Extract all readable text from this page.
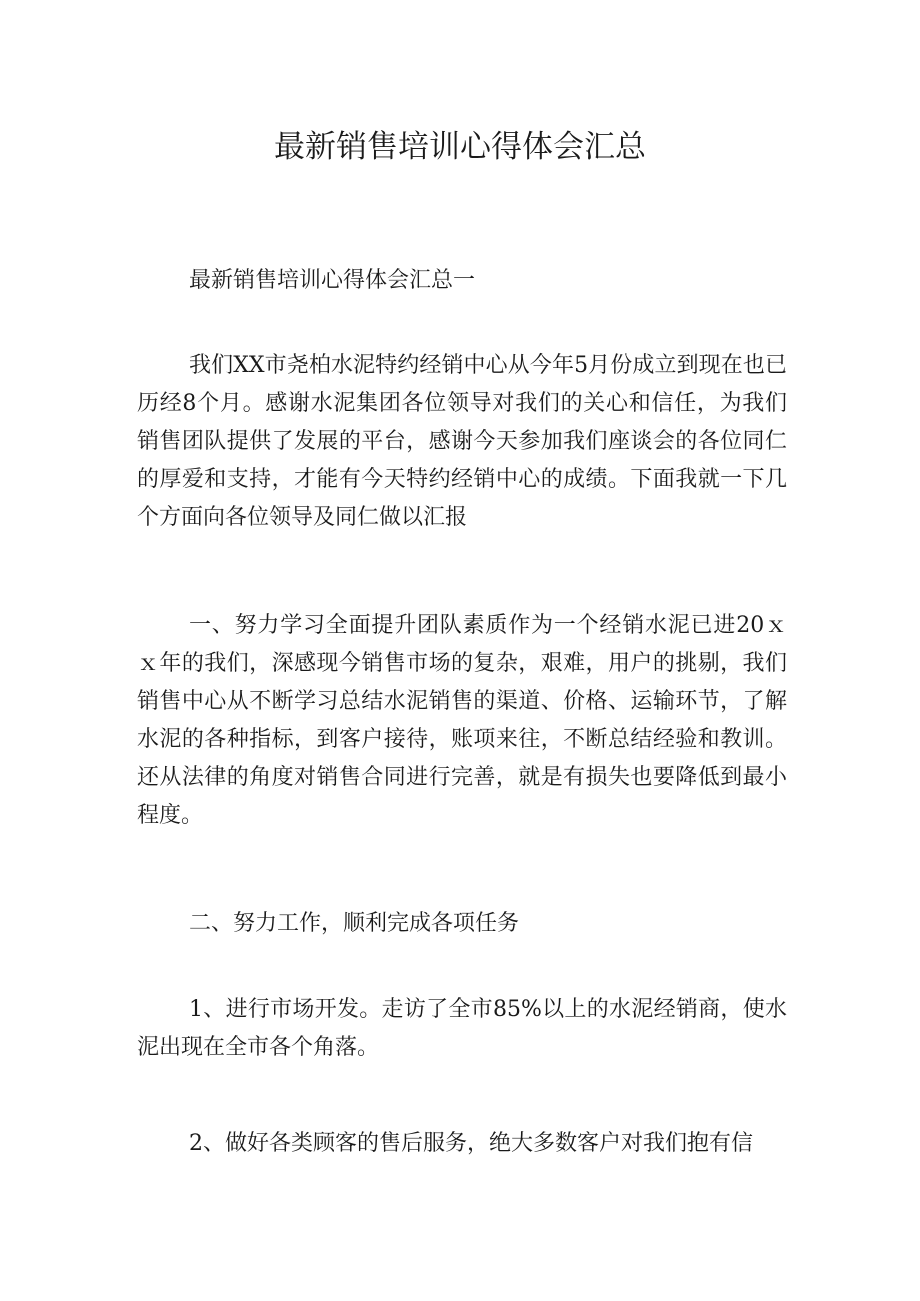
最新销售培训心得体会汇总

最新销售培训心得体会汇总一

我们XX市尧柏水泥特约经销中心从今年5月份成立到现在也已历经8个月。感谢水泥集团各位领导对我们的关心和信任，为我们销售团队提供了发展的平台，感谢今天参加我们座谈会的各位同仁的厚爱和支持，才能有今天特约经销中心的成绩。下面我就一下几个方面向各位领导及同仁做以汇报

一、努力学习全面提升团队素质作为一个经销水泥已进20ｘｘ年的我们，深感现今销售市场的复杂，艰难，用户的挑剔，我们销售中心从不断学习总结水泥销售的渠道、价格、运输环节，了解水泥的各种指标，到客户接待，账项来往，不断总结经验和教训。还从法律的角度对销售合同进行完善，就是有损失也要降低到最小程度。

二、努力工作，顺利完成各项任务

1、进行市场开发。走访了全市85%以上的水泥经销商，使水泥出现在全市各个角落。

2、做好各类顾客的售后服务，绝大多数客户对我们抱有信
